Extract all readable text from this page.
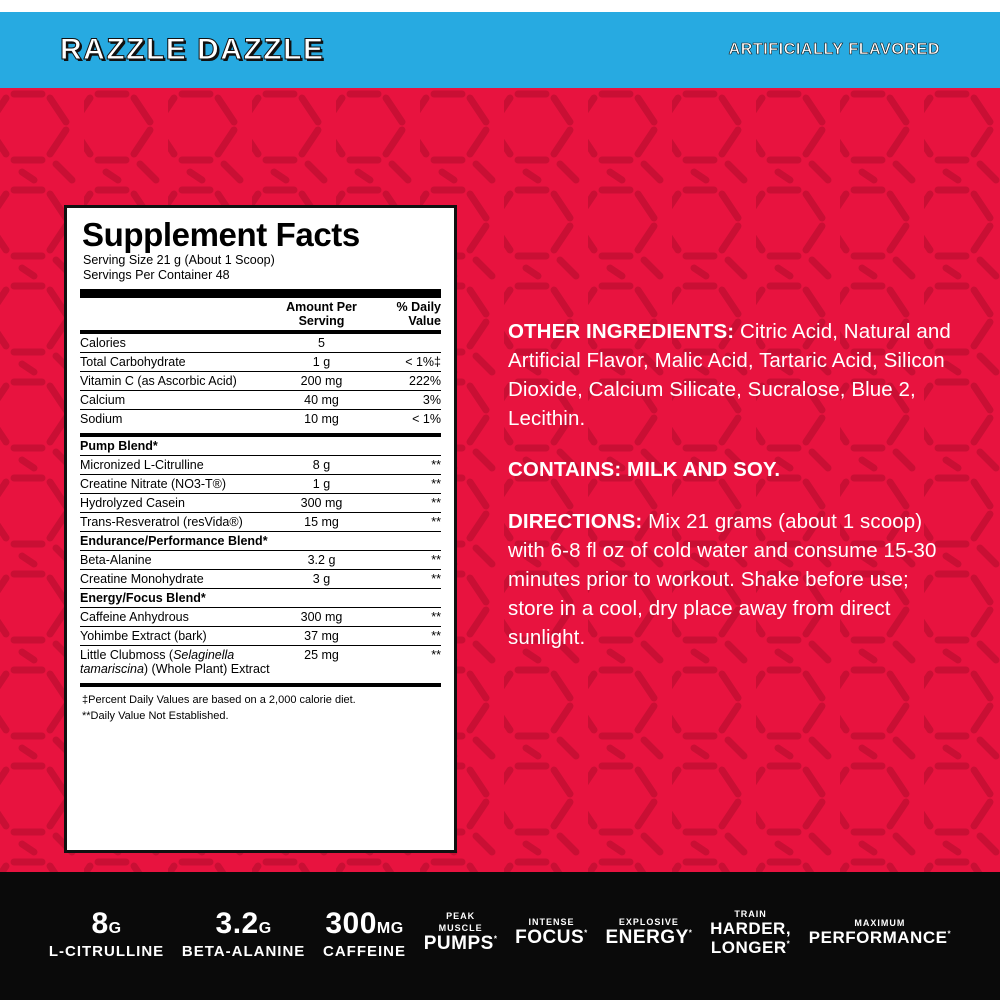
RAZZLE DAZZLE	ARTIFICIALLY FLAVORED
Supplement Facts
Serving Size 21 g (About 1 Scoop)
Servings Per Container 48
	Amount Per Serving	% Daily Value
Calories	5	
Total Carbohydrate	1 g	< 1%‡
Vitamin C (as Ascorbic Acid)	200 mg	222%
Calcium	40 mg	3%
Sodium	10 mg	< 1%
Pump Blend*		
Micronized L-Citrulline	8 g	**
Creatine Nitrate (NO3-T®)	1 g	**
Hydrolyzed Casein	300 mg	**
Trans-Resveratrol (resVida®)	15 mg	**
Endurance/Performance Blend*		
Beta-Alanine	3.2 g	**
Creatine Monohydrate	3 g	**
Energy/Focus Blend*		
Caffeine Anhydrous	300 mg	**
Yohimbe Extract (bark)	37 mg	**
Little Clubmoss (Selaginella
tamariscina) (Whole Plant) Extract	25 mg	**
‡Percent Daily Values are based on a 2,000 calorie diet.
**Daily Value Not Established.

OTHER INGREDIENTS: Citric Acid, Natural and Artificial Flavor, Malic Acid, Tartaric Acid, Silicon Dioxide, Calcium Silicate, Sucralose, Blue 2, Lecithin.

CONTAINS: MILK AND SOY.

DIRECTIONS: Mix 21 grams (about 1 scoop) with 6-8 fl oz of cold water and consume 15-30 minutes prior to workout. Shake before use; store in a cool, dry place away from direct sunlight.

8G
L-CITRULLINE
3.2G
BETA-ALANINE
300MG
CAFFEINE
PEAK
MUSCLE
PUMPS*
INTENSE
FOCUS*
EXPLOSIVE
ENERGY*
TRAIN
HARDER,
LONGER*
MAXIMUM
PERFORMANCE*
